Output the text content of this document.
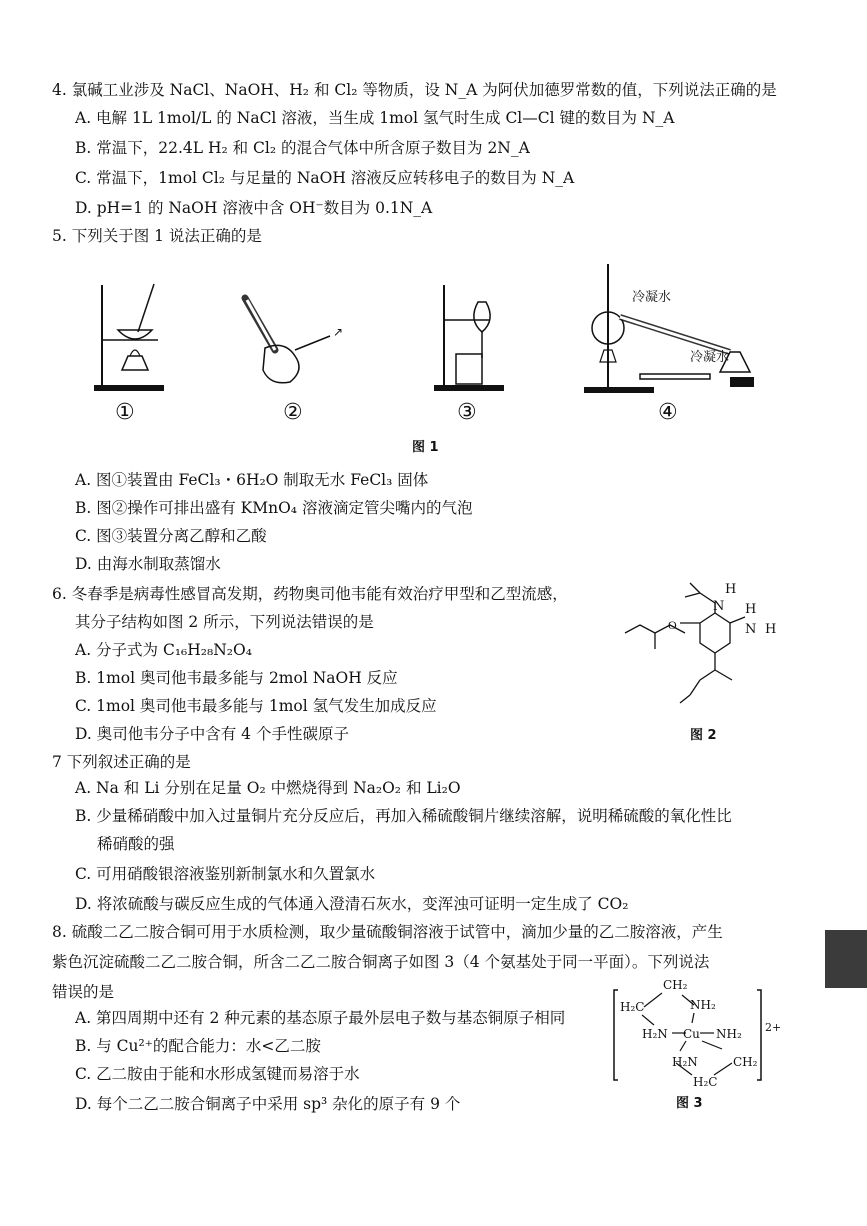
4. 氯碱工业涉及 NaCl、NaOH、H₂ 和 Cl₂ 等物质，设 N_A 为阿伏加德罗常数的值，下列说法正确的是
A. 电解 1L 1mol/L 的 NaCl 溶液，当生成 1mol 氢气时生成 Cl—Cl 键的数目为 N_A
B. 常温下，22.4L H₂ 和 Cl₂ 的混合气体中所含原子数目为 2N_A
C. 常温下，1mol Cl₂ 与足量的 NaOH 溶液反应转移电子的数目为 N_A
D. pH=1 的 NaOH 溶液中含 OH⁻数目为 0.1N_A
5. 下列关于图 1 说法正确的是
①
↗
②	③
冷凝水
冷凝水
④
图 1
A. 图①装置由 FeCl₃・6H₂O 制取无水 FeCl₃ 固体
B. 图②操作可排出盛有 KMnO₄ 溶液滴定管尖嘴内的气泡
C. 图③装置分离乙醇和乙酸
D. 由海水制取蒸馏水
6. 冬春季是病毒性感冒高发期，药物奥司他韦能有效治疗甲型和乙型流感，
其分子结构如图 2 所示，下列说法错误的是
A. 分子式为 C₁₆H₂₈N₂O₄
B. 1mol 奥司他韦最多能与 2mol NaOH 反应
C. 1mol 奥司他韦最多能与 1mol 氢气发生加成反应
D. 奥司他韦分子中含有 4 个手性碳原子
O
N
H
N
H
H
图 2
7 下列叙述正确的是
A. Na 和 Li 分别在足量 O₂ 中燃烧得到 Na₂O₂ 和 Li₂O
B. 少量稀硝酸中加入过量铜片充分反应后，再加入稀硫酸铜片继续溶解，说明稀硫酸的氧化性比
稀硝酸的强
C. 可用硝酸银溶液鉴别新制氯水和久置氯水
D. 将浓硫酸与碳反应生成的气体通入澄清石灰水，变浑浊可证明一定生成了 CO₂
8. 硫酸二乙二胺合铜可用于水质检测，取少量硫酸铜溶液于试管中，滴加少量的乙二胺溶液，产生
紫色沉淀硫酸二乙二胺合铜，所含二乙二胺合铜离子如图 3（4 个氨基处于同一平面）。下列说法
错误的是
A. 第四周期中还有 2 种元素的基态原子最外层电子数与基态铜原子相同
B. 与 Cu²⁺的配合能力：水<乙二胺
C. 乙二胺由于能和水形成氢键而易溶于水
D. 每个二乙二胺合铜离子中采用 sp³ 杂化的原子有 9 个
CH₂
H₂C	NH₂
H₂N Cu NH₂
H₂N	CH₂
H₂C
2+
图 3
